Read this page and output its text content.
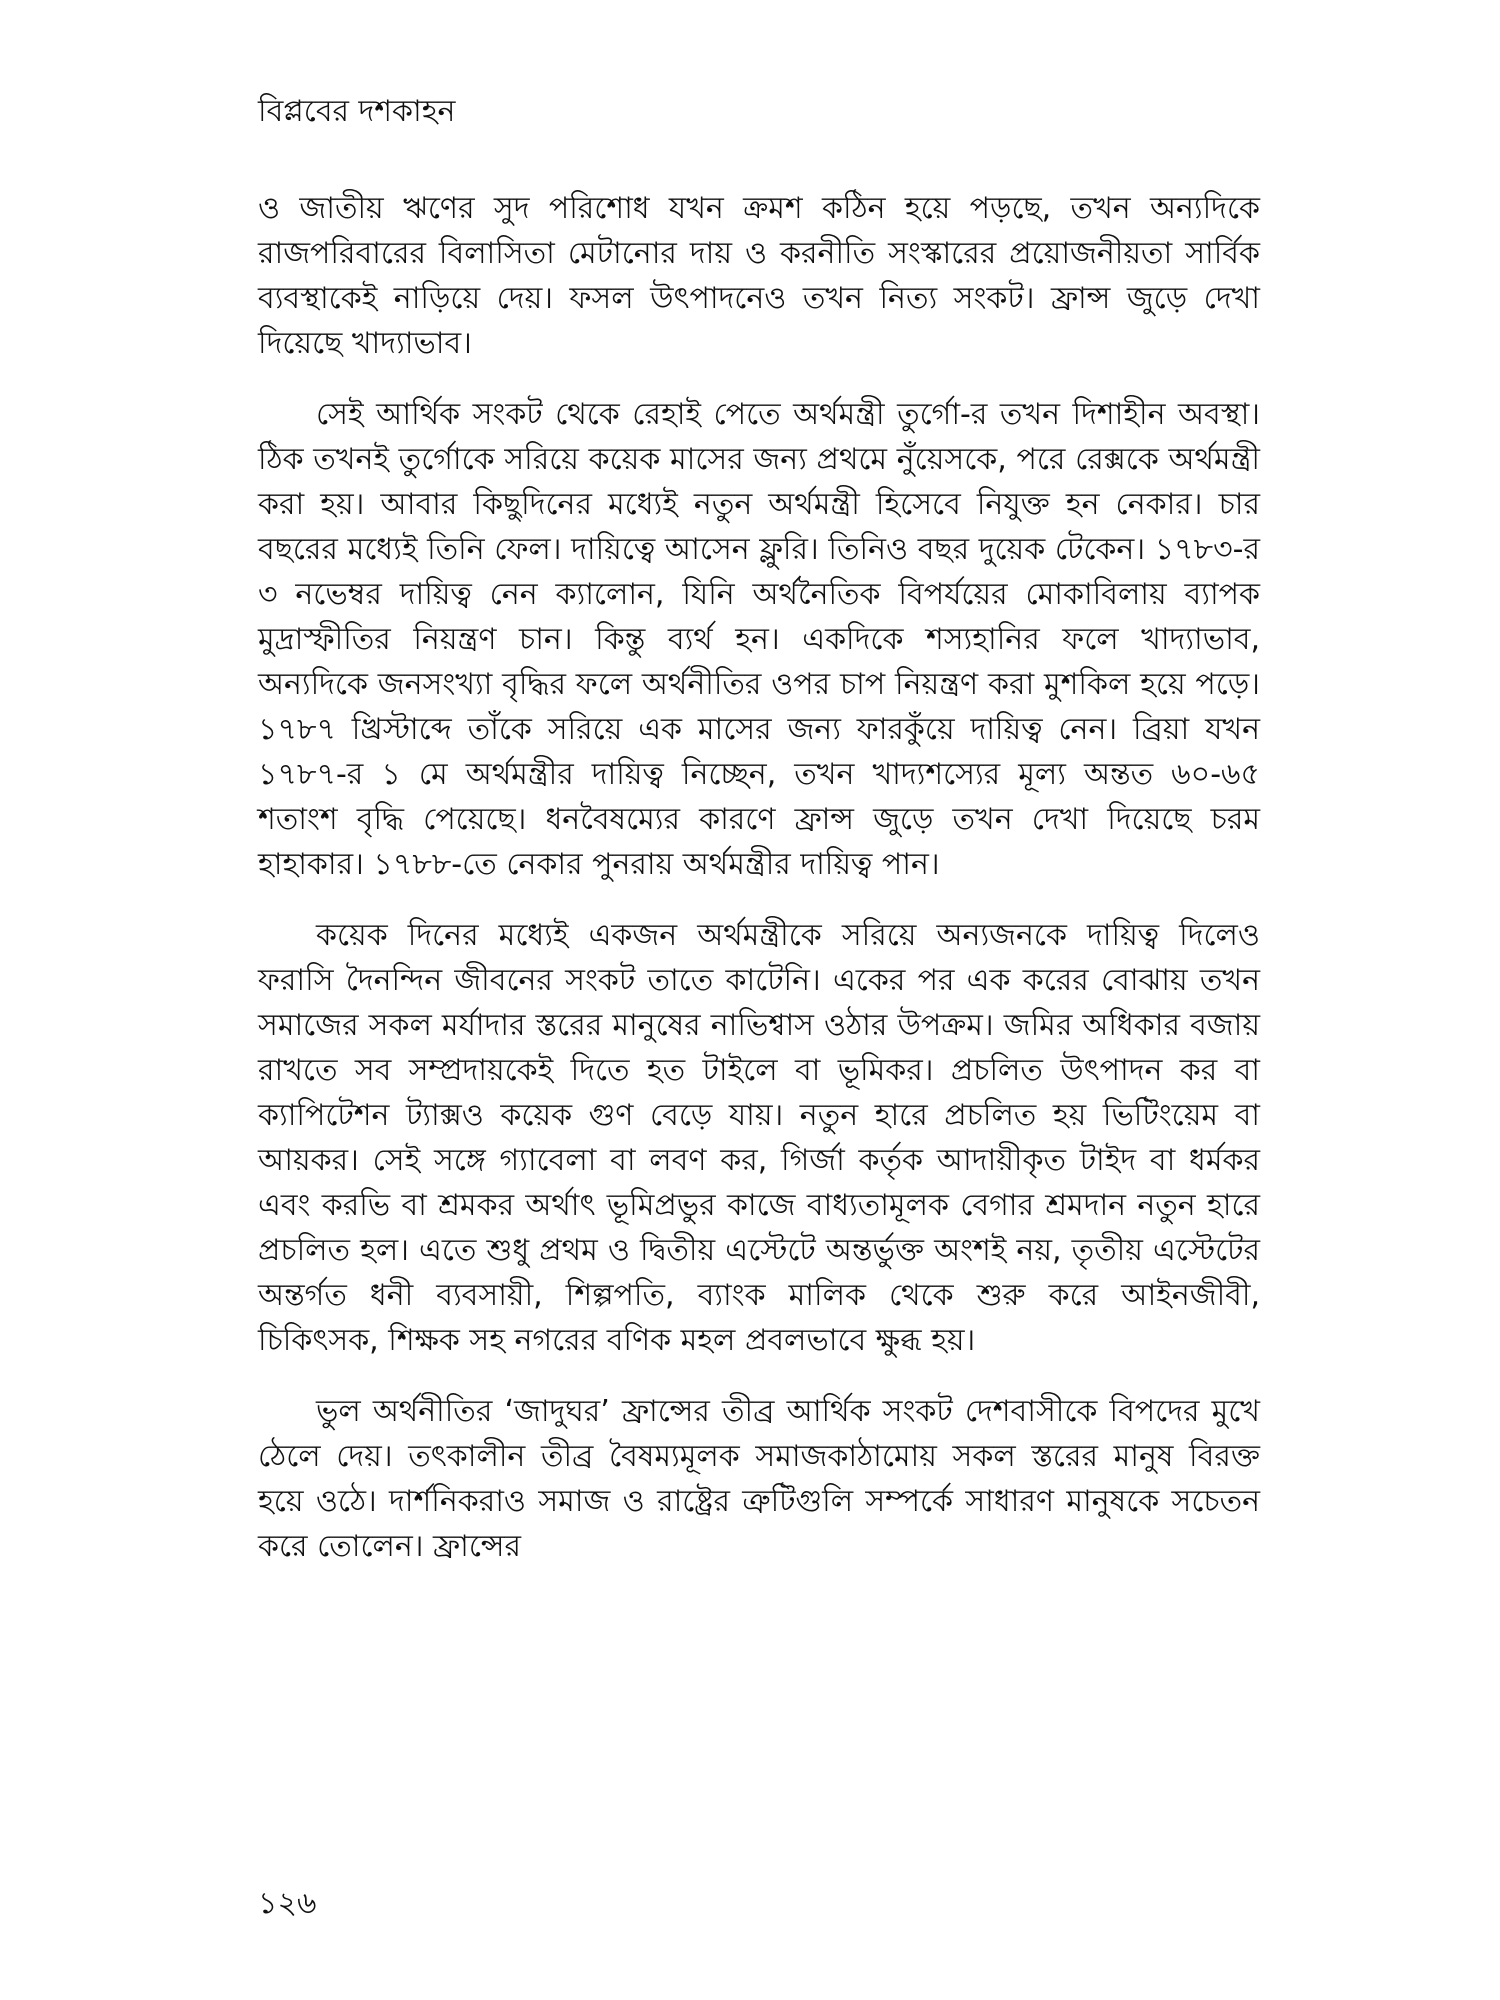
বিপ্লবের দশকাহন

ও জাতীয় ঋণের সুদ পরিশোধ যখন ক্রমশ কঠিন হয়ে পড়ছে, তখন অন্যদিকে রাজপরিবারের বিলাসিতা মেটানোর দায় ও করনীতি সংস্কারের প্রয়োজনীয়তা সার্বিক ব্যবস্থাকেই নাড়িয়ে দেয়। ফসল উৎপাদনেও তখন নিত্য সংকট। ফ্রান্স জুড়ে দেখা দিয়েছে খাদ্যাভাব।

সেই আর্থিক সংকট থেকে রেহাই পেতে অর্থমন্ত্রী তুর্গো-র তখন দিশাহীন অবস্থা। ঠিক তখনই তুর্গোকে সরিয়ে কয়েক মাসের জন্য প্রথমে নুঁয়েসকে, পরে রেক্সকে অর্থমন্ত্রী করা হয়। আবার কিছুদিনের মধ্যেই নতুন অর্থমন্ত্রী হিসেবে নিযুক্ত হন নেকার। চার বছরের মধ্যেই তিনি ফেল। দায়িত্বে আসেন ফ্লুরি। তিনিও বছর দুয়েক টেকেন। ১৭৮৩-র ৩ নভেম্বর দায়িত্ব নেন ক্যালোন, যিনি অর্থনৈতিক বিপর্যয়ের মোকাবিলায় ব্যাপক মুদ্রাস্ফীতির নিয়ন্ত্রণ চান। কিন্তু ব্যর্থ হন। একদিকে শস্যহানির ফলে খাদ্যাভাব, অন্যদিকে জনসংখ্যা বৃদ্ধির ফলে অর্থনীতির ওপর চাপ নিয়ন্ত্রণ করা মুশকিল হয়ে পড়ে। ১৭৮৭ খ্রিস্টাব্দে তাঁকে সরিয়ে এক মাসের জন্য ফারকুঁয়ে দায়িত্ব নেন। ব্রিয়া যখন ১৭৮৭-র ১ মে অর্থমন্ত্রীর দায়িত্ব নিচ্ছেন, তখন খাদ্যশস্যের মূল্য অন্তত ৬০-৬৫ শতাংশ বৃদ্ধি পেয়েছে। ধনবৈষম্যের কারণে ফ্রান্স জুড়ে তখন দেখা দিয়েছে চরম হাহাকার। ১৭৮৮-তে নেকার পুনরায় অর্থমন্ত্রীর দায়িত্ব পান।

কয়েক দিনের মধ্যেই একজন অর্থমন্ত্রীকে সরিয়ে অন্যজনকে দায়িত্ব দিলেও ফরাসি দৈনন্দিন জীবনের সংকট তাতে কাটেনি। একের পর এক করের বোঝায় তখন সমাজের সকল মর্যাদার স্তরের মানুষের নাভিশ্বাস ওঠার উপক্রম। জমির অধিকার বজায় রাখতে সব সম্প্রদায়কেই দিতে হত টাইলে বা ভূমিকর। প্রচলিত উৎপাদন কর বা ক্যাপিটেশন ট্যাক্সও কয়েক গুণ বেড়ে যায়। নতুন হারে প্রচলিত হয় ভিটিংয়েম বা আয়কর। সেই সঙ্গে গ্যাবেলা বা লবণ কর, গির্জা কর্তৃক আদায়ীকৃত টাইদ বা ধর্মকর এবং করভি বা শ্রমকর অর্থাৎ ভূমিপ্রভুর কাজে বাধ্যতামূলক বেগার শ্রমদান নতুন হারে প্রচলিত হল। এতে শুধু প্রথম ও দ্বিতীয় এস্টেটে অন্তর্ভুক্ত অংশই নয়, তৃতীয় এস্টেটের অন্তর্গত ধনী ব্যবসায়ী, শিল্পপতি, ব্যাংক মালিক থেকে শুরু করে আইনজীবী, চিকিৎসক, শিক্ষক সহ নগরের বণিক মহল প্রবলভাবে ক্ষুব্ধ হয়।

ভুল অর্থনীতির ‘জাদুঘর’ ফ্রান্সের তীব্র আর্থিক সংকট দেশবাসীকে বিপদের মুখে ঠেলে দেয়। তৎকালীন তীব্র বৈষম্যমূলক সমাজকাঠামোয় সকল স্তরের মানুষ বিরক্ত হয়ে ওঠে। দার্শনিকরাও সমাজ ও রাষ্ট্রের ত্রুটিগুলি সম্পর্কে সাধারণ মানুষকে সচেতন করে তোলেন। ফ্রান্সের

১২৬
